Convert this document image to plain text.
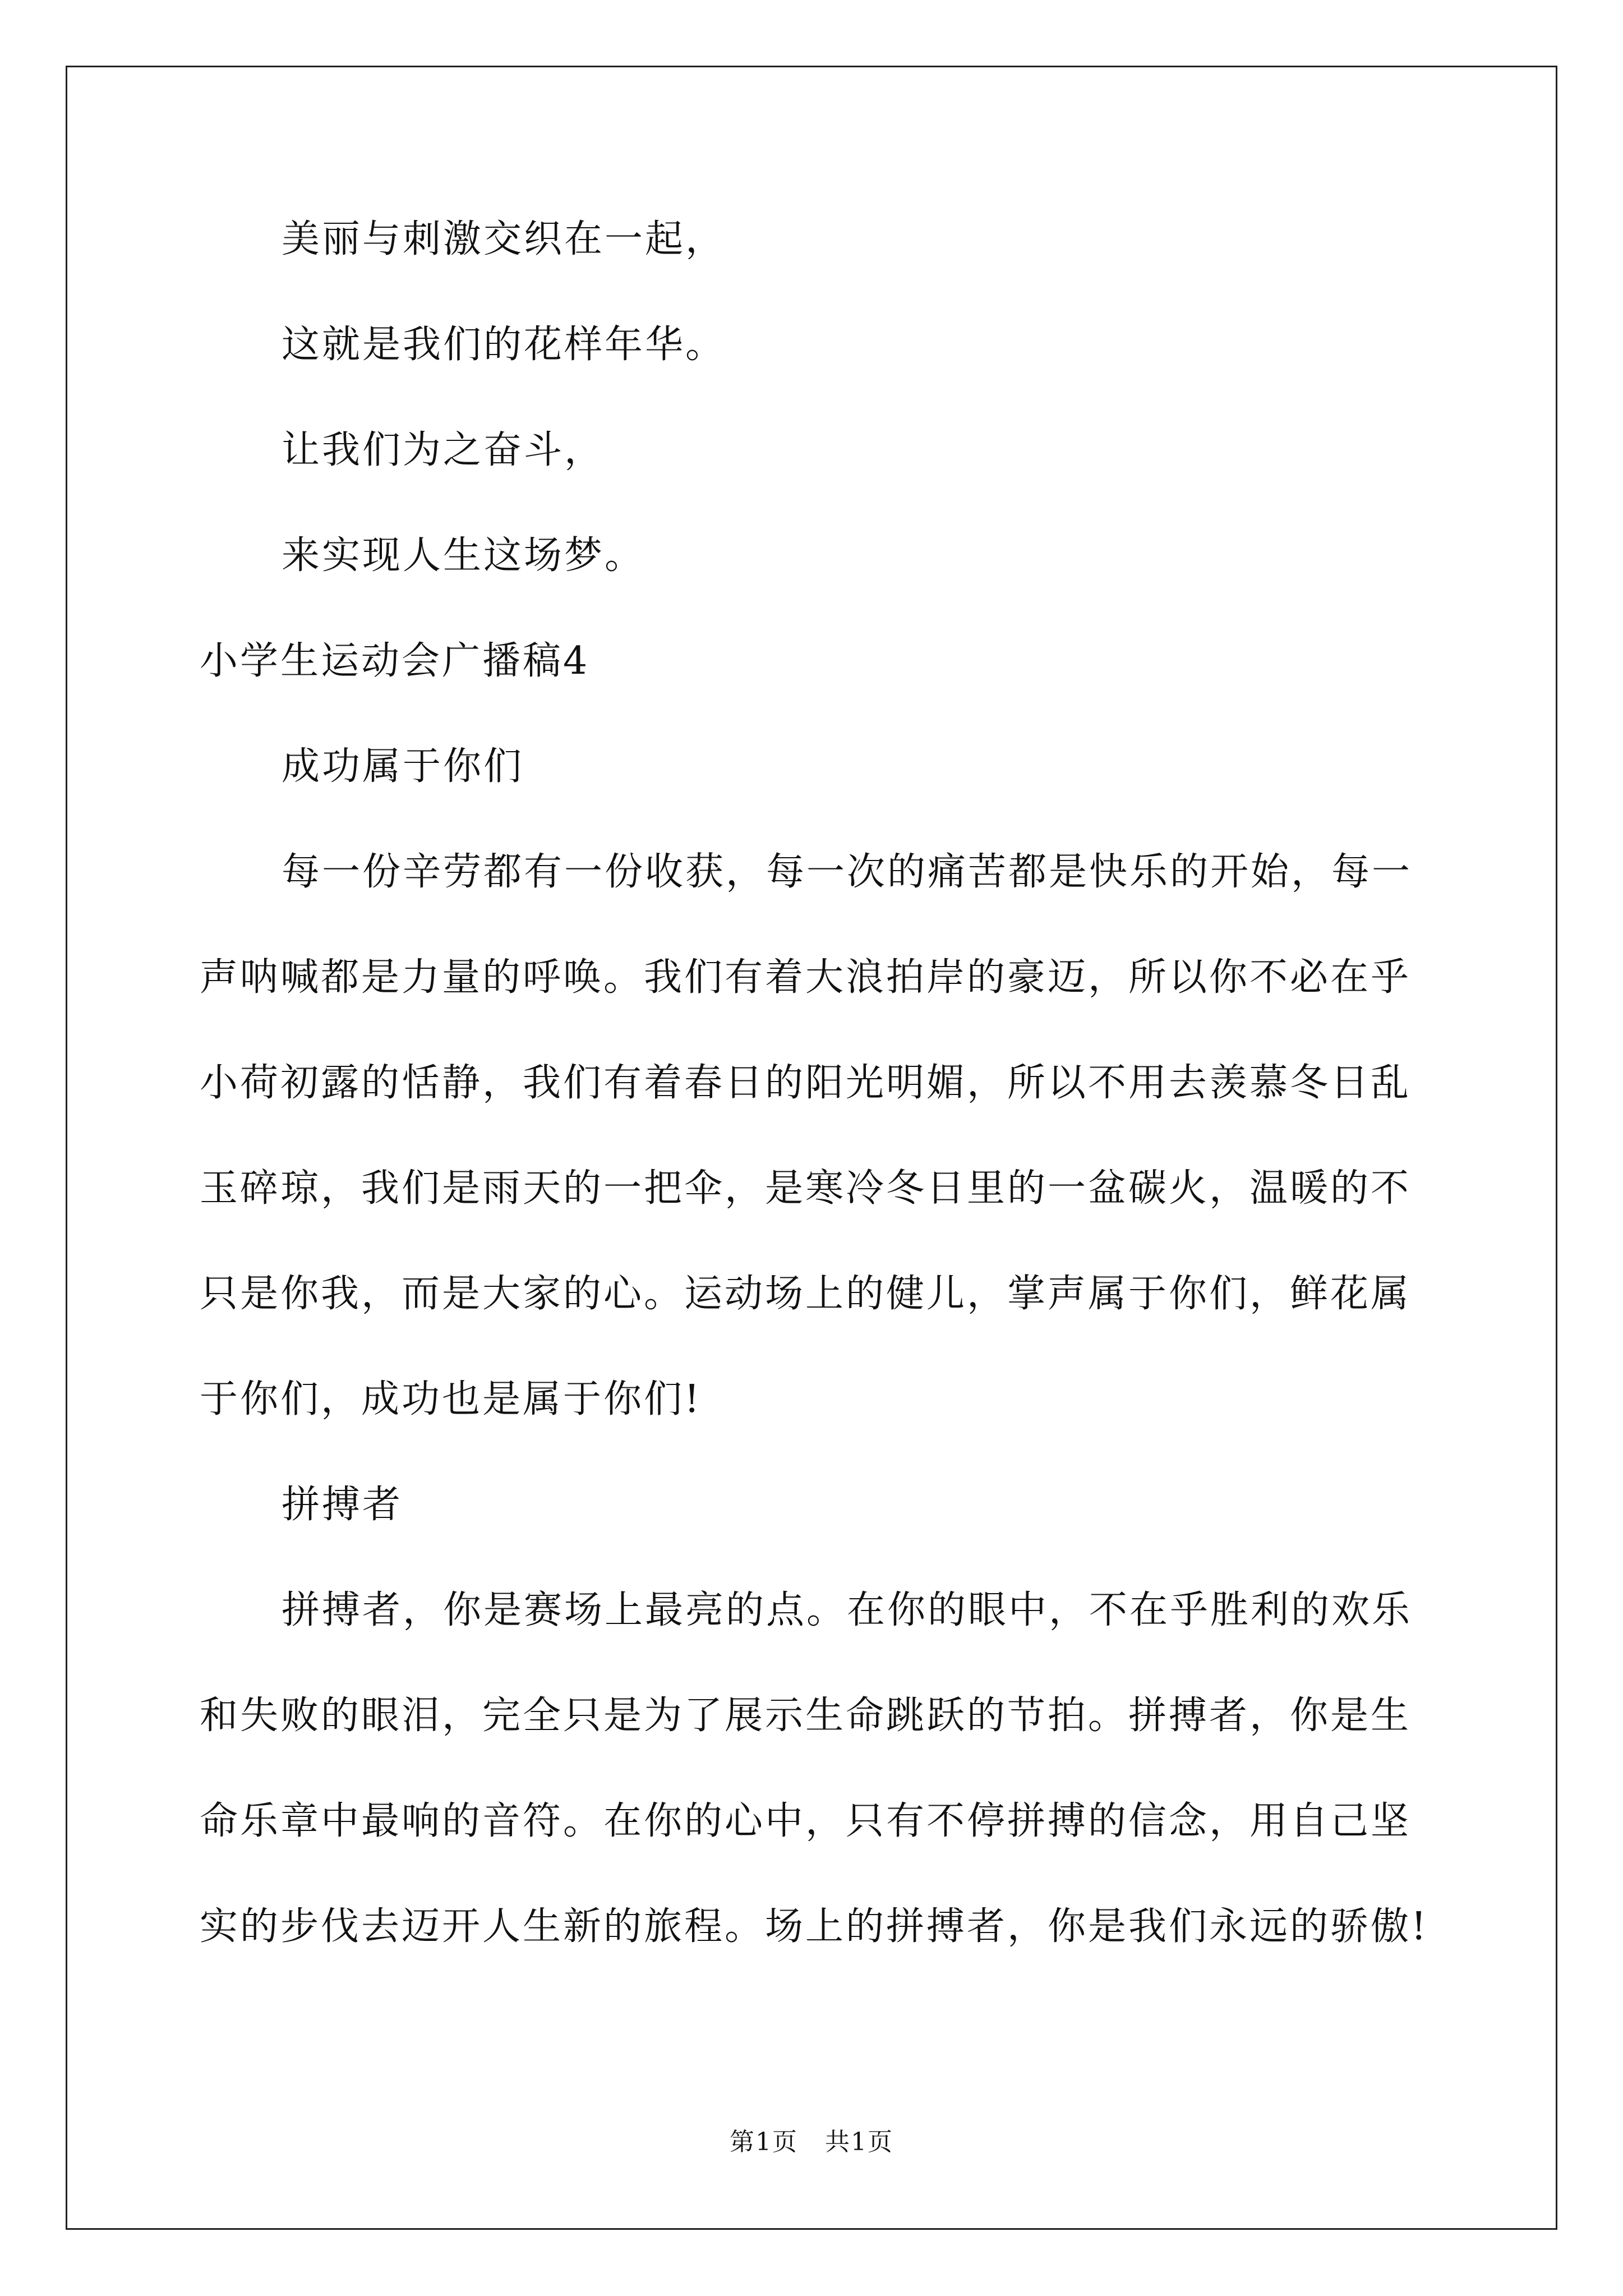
美丽与刺激交织在一起，

这就是我们的花样年华。

让我们为之奋斗，

来实现人生这场梦。

小学生运动会广播稿4

成功属于你们

每一份辛劳都有一份收获，每一次的痛苦都是快乐的开始，每一

声呐喊都是力量的呼唤。我们有着大浪拍岸的豪迈，所以你不必在乎

小荷初露的恬静，我们有着春日的阳光明媚，所以不用去羡慕冬日乱

玉碎琼，我们是雨天的一把伞，是寒冷冬日里的一盆碳火，温暖的不

只是你我，而是大家的心。运动场上的健儿，掌声属于你们，鲜花属

于你们，成功也是属于你们!

拼搏者

拼搏者，你是赛场上最亮的点。在你的眼中，不在乎胜利的欢乐

和失败的眼泪，完全只是为了展示生命跳跃的节拍。拼搏者，你是生

命乐章中最响的音符。在你的心中，只有不停拼搏的信念，用自己坚

实的步伐去迈开人生新的旅程。场上的拼搏者，你是我们永远的骄傲!

第1页   共1页
